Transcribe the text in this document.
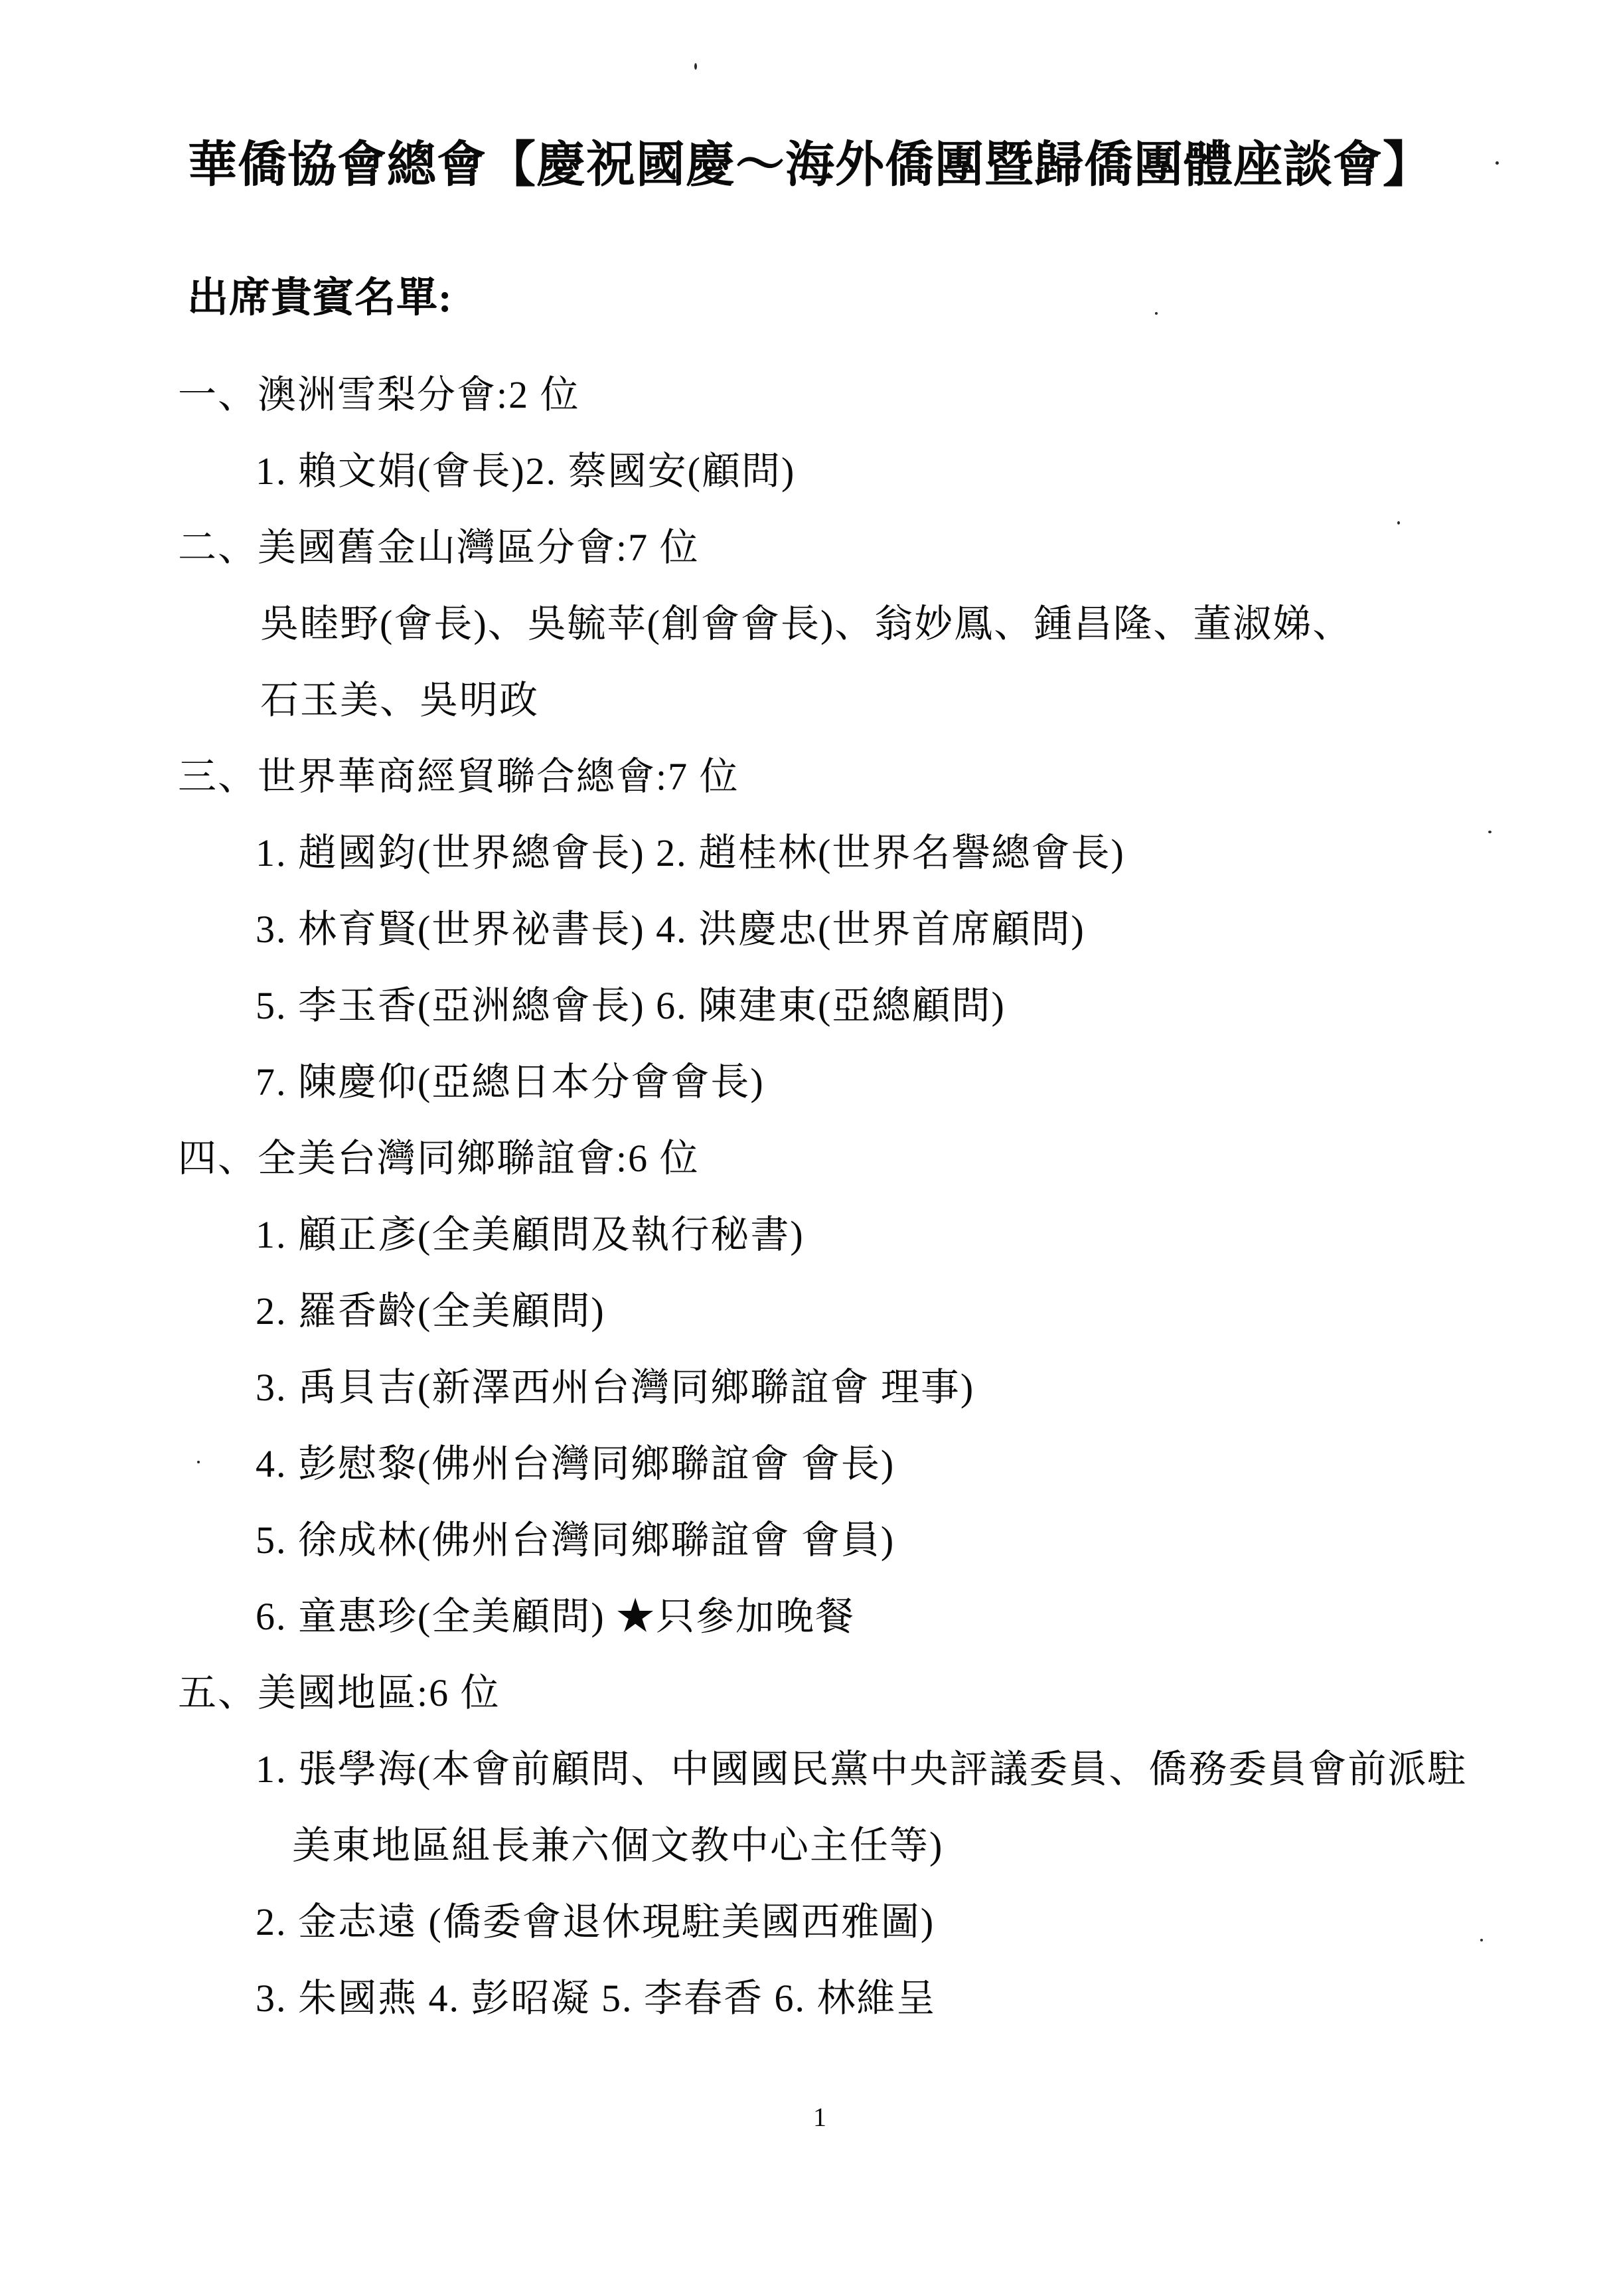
華僑協會總會【慶祝國慶～海外僑團暨歸僑團體座談會】
出席貴賓名單:
一、澳洲雪梨分會:2 位
1. 賴文娟(會長)2. 蔡國安(顧問)
二、美國舊金山灣區分會:7 位
吳睦野(會長)、吳毓苹(創會會長)、翁妙鳳、鍾昌隆、董淑娣、
石玉美、吳明政
三、世界華商經貿聯合總會:7 位
1. 趙國鈞(世界總會長) 2. 趙桂林(世界名譽總會長)
3. 林育賢(世界祕書長) 4. 洪慶忠(世界首席顧問)
5. 李玉香(亞洲總會長) 6. 陳建東(亞總顧問)
7. 陳慶仰(亞總日本分會會長)
四、全美台灣同鄉聯誼會:6 位
1. 顧正彥(全美顧問及執行秘書)
2. 羅香齡(全美顧問)
3. 禹貝吉(新澤西州台灣同鄉聯誼會 理事)
4. 彭慰黎(佛州台灣同鄉聯誼會 會長)
5. 徐成林(佛州台灣同鄉聯誼會 會員)
6. 童惠珍(全美顧問) ★只參加晚餐
五、美國地區:6 位
1. 張學海(本會前顧問、中國國民黨中央評議委員、僑務委員會前派駐
美東地區組長兼六個文教中心主任等)
2. 金志遠 (僑委會退休現駐美國西雅圖)
3. 朱國燕 4. 彭昭凝 5. 李春香 6. 林維呈
1
